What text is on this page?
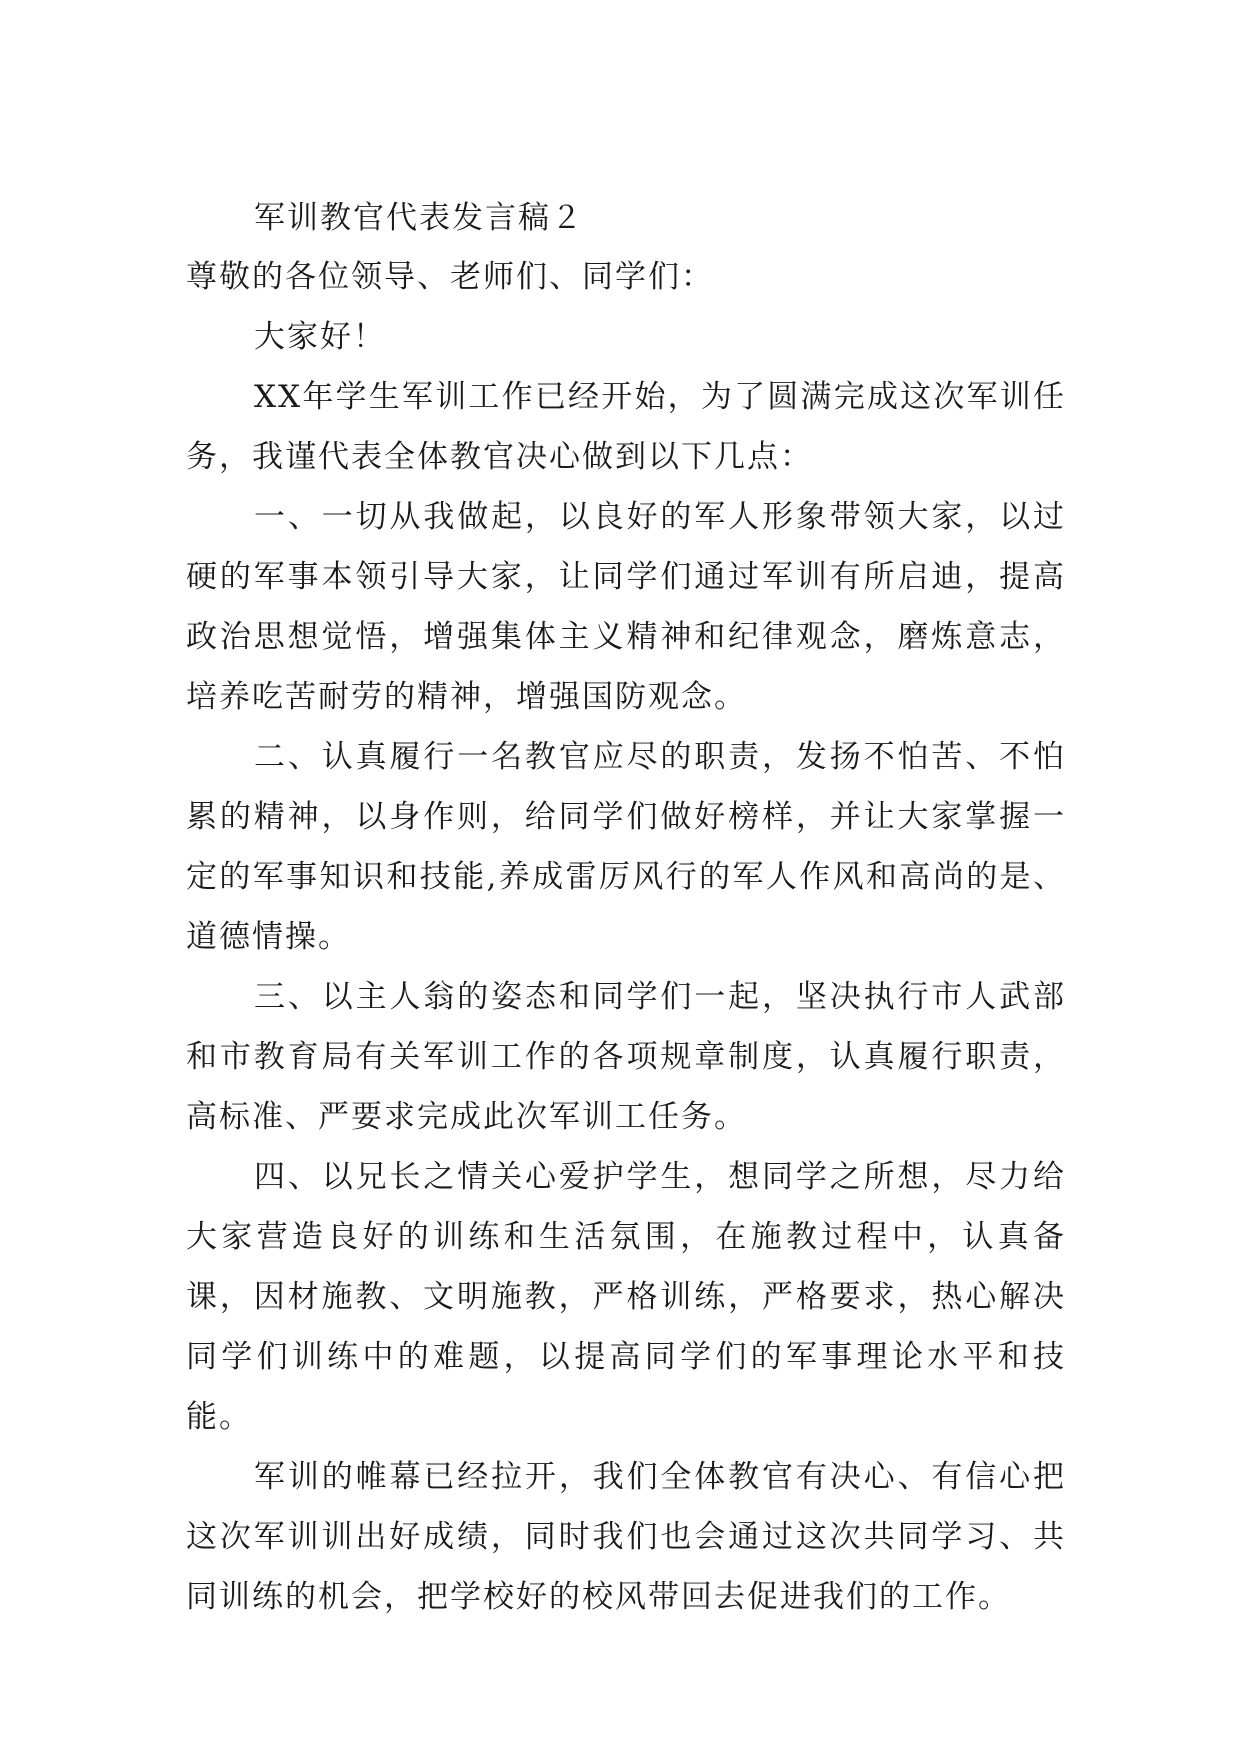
军训教官代表发言稿２
尊敬的各位领导、老师们、同学们：
大家好！

XX年学生军训工作已经开始，为了圆满完成这次军训任务，我谨代表全体教官决心做到以下几点：

一、一切从我做起，以良好的军人形象带领大家，以过硬的军事本领引导大家，让同学们通过军训有所启迪，提高政治思想觉悟，增强集体主义精神和纪律观念，磨炼意志，培养吃苦耐劳的精神，增强国防观念。

二、认真履行一名教官应尽的职责，发扬不怕苦、不怕累的精神，以身作则，给同学们做好榜样，并让大家掌握一定的军事知识和技能,养成雷厉风行的军人作风和高尚的是、道德情操。

三、以主人翁的姿态和同学们一起，坚决执行市人武部和市教育局有关军训工作的各项规章制度，认真履行职责，高标准、严要求完成此次军训工任务。

四、以兄长之情关心爱护学生，想同学之所想，尽力给大家营造良好的训练和生活氛围，在施教过程中，认真备课，因材施教、文明施教，严格训练，严格要求，热心解决同学们训练中的难题，以提高同学们的军事理论水平和技能。

军训的帷幕已经拉开，我们全体教官有决心、有信心把这次军训训出好成绩，同时我们也会通过这次共同学习、共同训练的机会，把学校好的校风带回去促进我们的工作。
